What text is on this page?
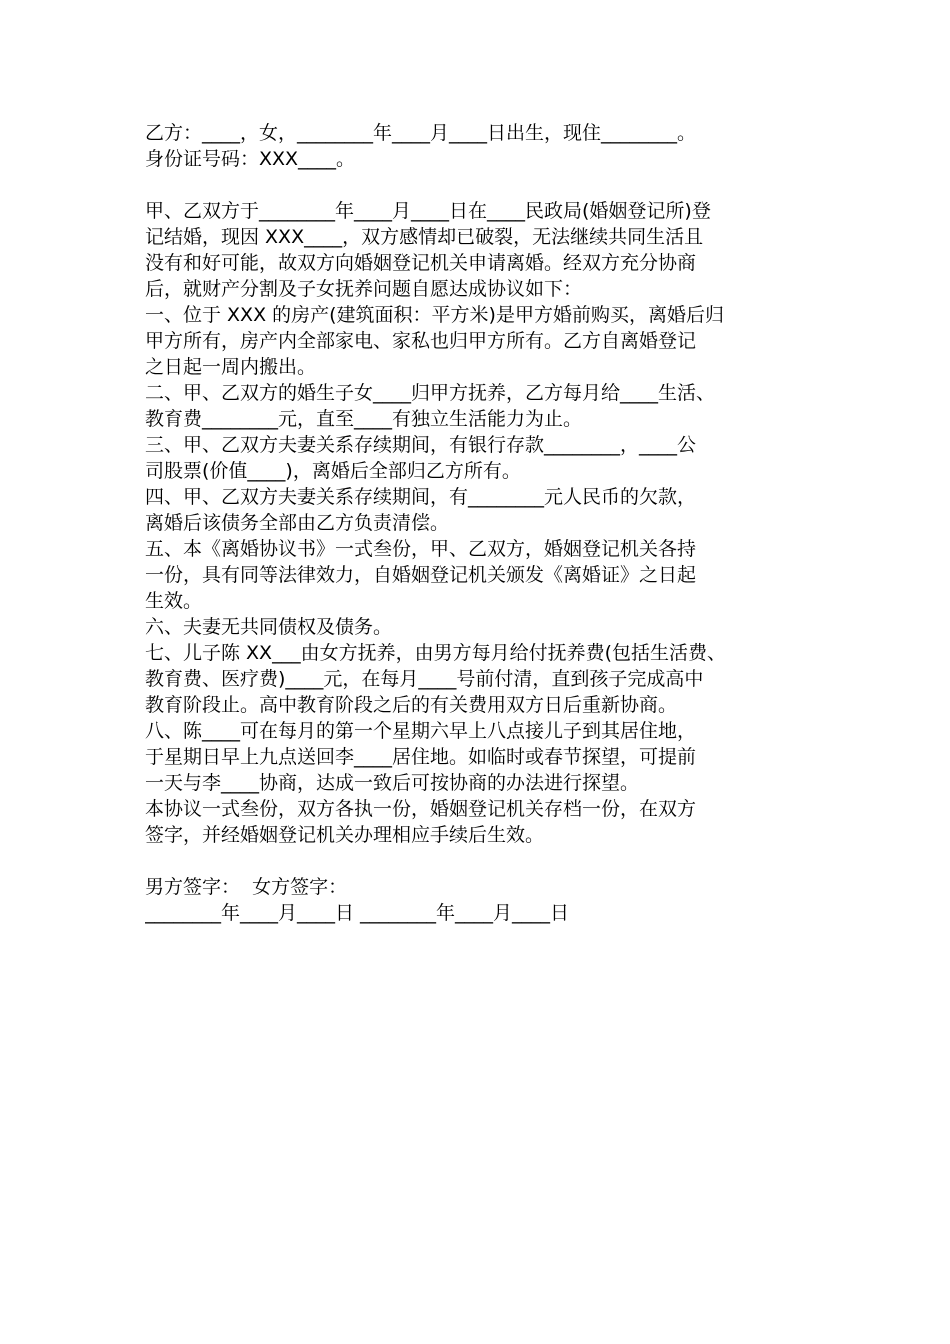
乙方：____，女，________年____月____日出生，现住________。
身份证号码：XXX____。
甲、乙双方于________年____月____日在____民政局(婚姻登记所)登
记结婚，现因 XXX____，双方感情却已破裂，无法继续共同生活且
没有和好可能，故双方向婚姻登记机关申请离婚。经双方充分协商
后，就财产分割及子女抚养问题自愿达成协议如下：
一、位于 XXX 的房产(建筑面积：平方米)是甲方婚前购买，离婚后归
甲方所有，房产内全部家电、家私也归甲方所有。乙方自离婚登记
之日起一周内搬出。
二、甲、乙双方的婚生子女____归甲方抚养，乙方每月给____生活、
教育费________元，直至____有独立生活能力为止。
三、甲、乙双方夫妻关系存续期间，有银行存款________，____公
司股票(价值____)，离婚后全部归乙方所有。
四、甲、乙双方夫妻关系存续期间，有________元人民币的欠款，
离婚后该债务全部由乙方负责清偿。
五、本《离婚协议书》一式叁份，甲、乙双方，婚姻登记机关各持
一份，具有同等法律效力，自婚姻登记机关颁发《离婚证》之日起
生效。
六、夫妻无共同债权及债务。
七、儿子陈 XX___由女方抚养，由男方每月给付抚养费(包括生活费、
教育费、医疗费)____元，在每月____号前付清，直到孩子完成高中
教育阶段止。高中教育阶段之后的有关费用双方日后重新协商。
八、陈____可在每月的第一个星期六早上八点接儿子到其居住地，
于星期日早上九点送回李____居住地。如临时或春节探望，可提前
一天与李____协商，达成一致后可按协商的办法进行探望。
本协议一式叁份，双方各执一份，婚姻登记机关存档一份，在双方
签字，并经婚姻登记机关办理相应手续后生效。
男方签字：  女方签字：
________年____月____日 ________年____月____日
